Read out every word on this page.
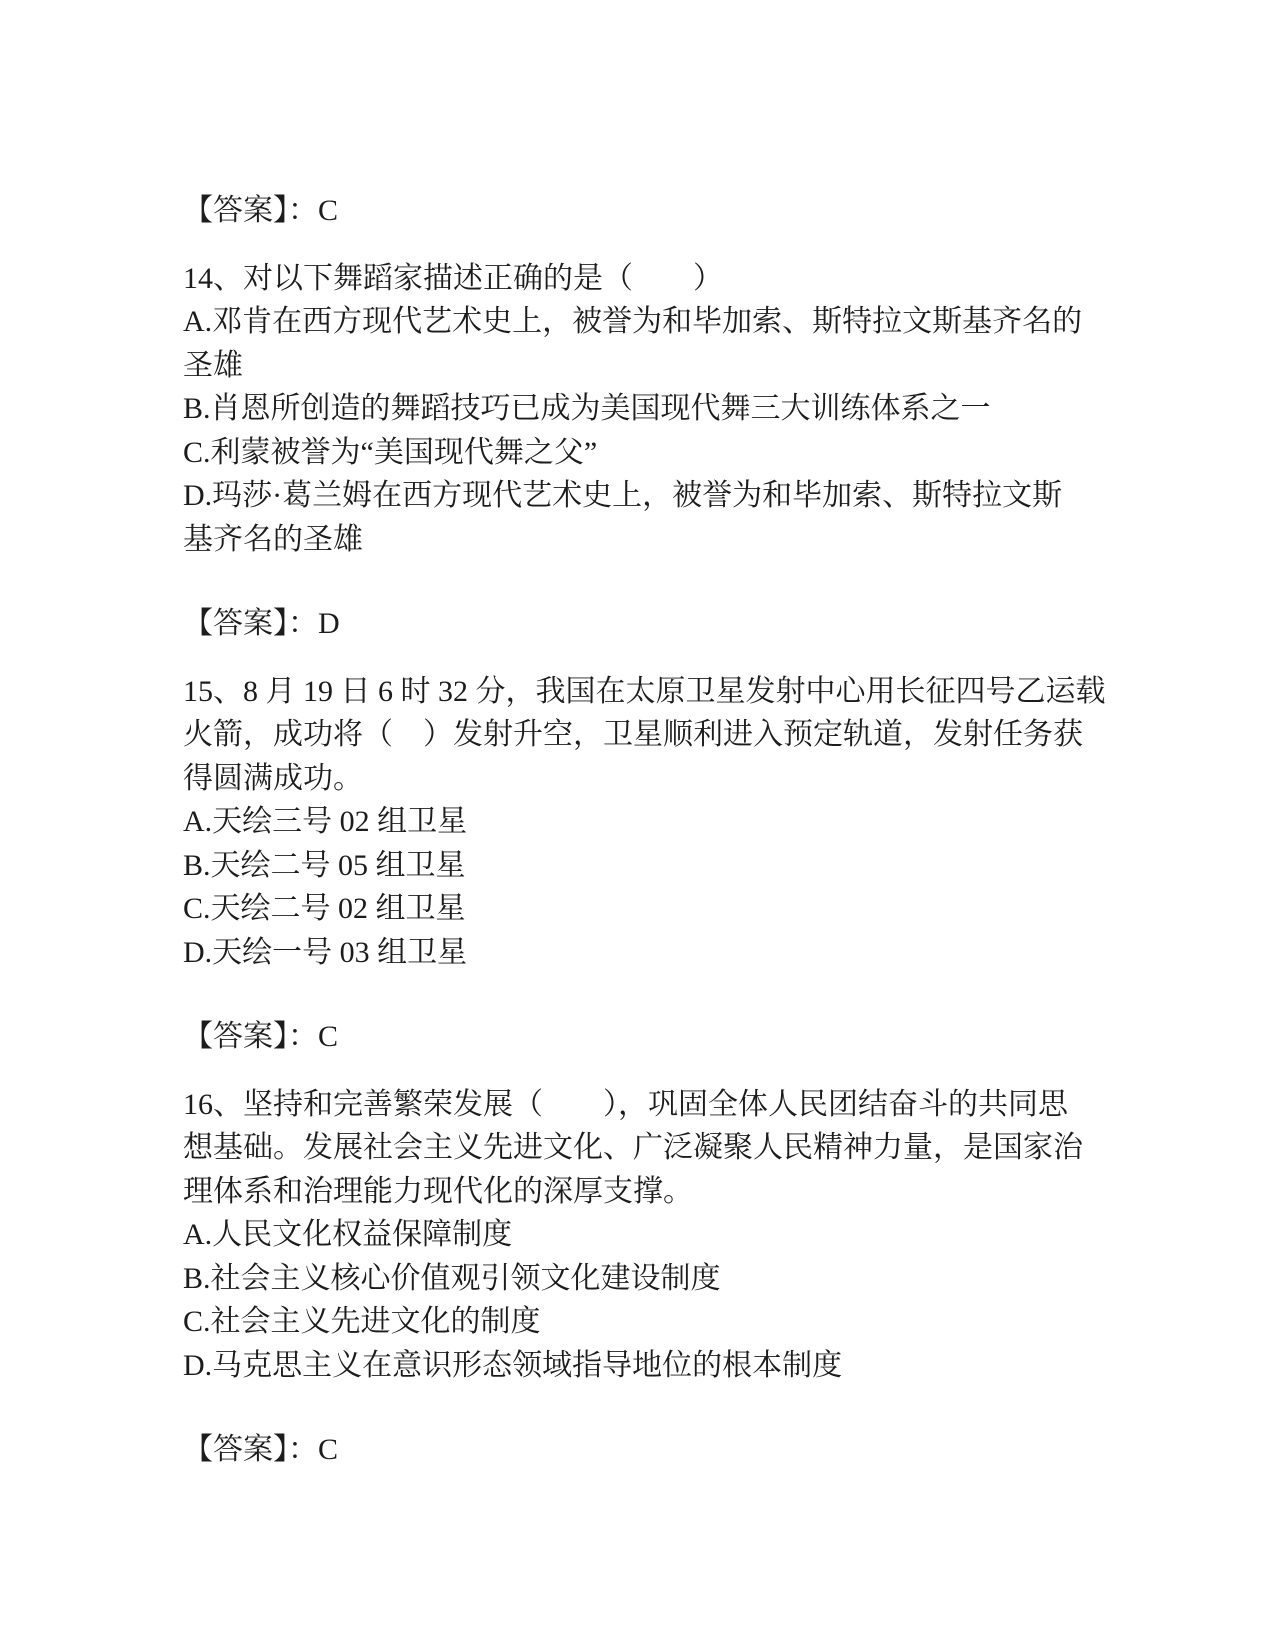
【答案】：C
14、对以下舞蹈家描述正确的是（　　）
A.邓肯在西方现代艺术史上，被誉为和毕加索、斯特拉文斯基齐名的
圣雄
B.肖恩所创造的舞蹈技巧已成为美国现代舞三大训练体系之一
C.利蒙被誉为“美国现代舞之父”
D.玛莎·葛兰姆在西方现代艺术史上，被誉为和毕加索、斯特拉文斯
基齐名的圣雄
【答案】：D
15、8 月 19 日 6 时 32 分，我国在太原卫星发射中心用长征四号乙运载
火箭，成功将（　）发射升空，卫星顺利进入预定轨道，发射任务获
得圆满成功。
A.天绘三号 02 组卫星
B.天绘二号 05 组卫星
C.天绘二号 02 组卫星
D.天绘一号 03 组卫星
【答案】：C
16、坚持和完善繁荣发展（　　），巩固全体人民团结奋斗的共同思
想基础。发展社会主义先进文化、广泛凝聚人民精神力量，是国家治
理体系和治理能力现代化的深厚支撑。
A.人民文化权益保障制度
B.社会主义核心价值观引领文化建设制度
C.社会主义先进文化的制度
D.马克思主义在意识形态领域指导地位的根本制度
【答案】：C
